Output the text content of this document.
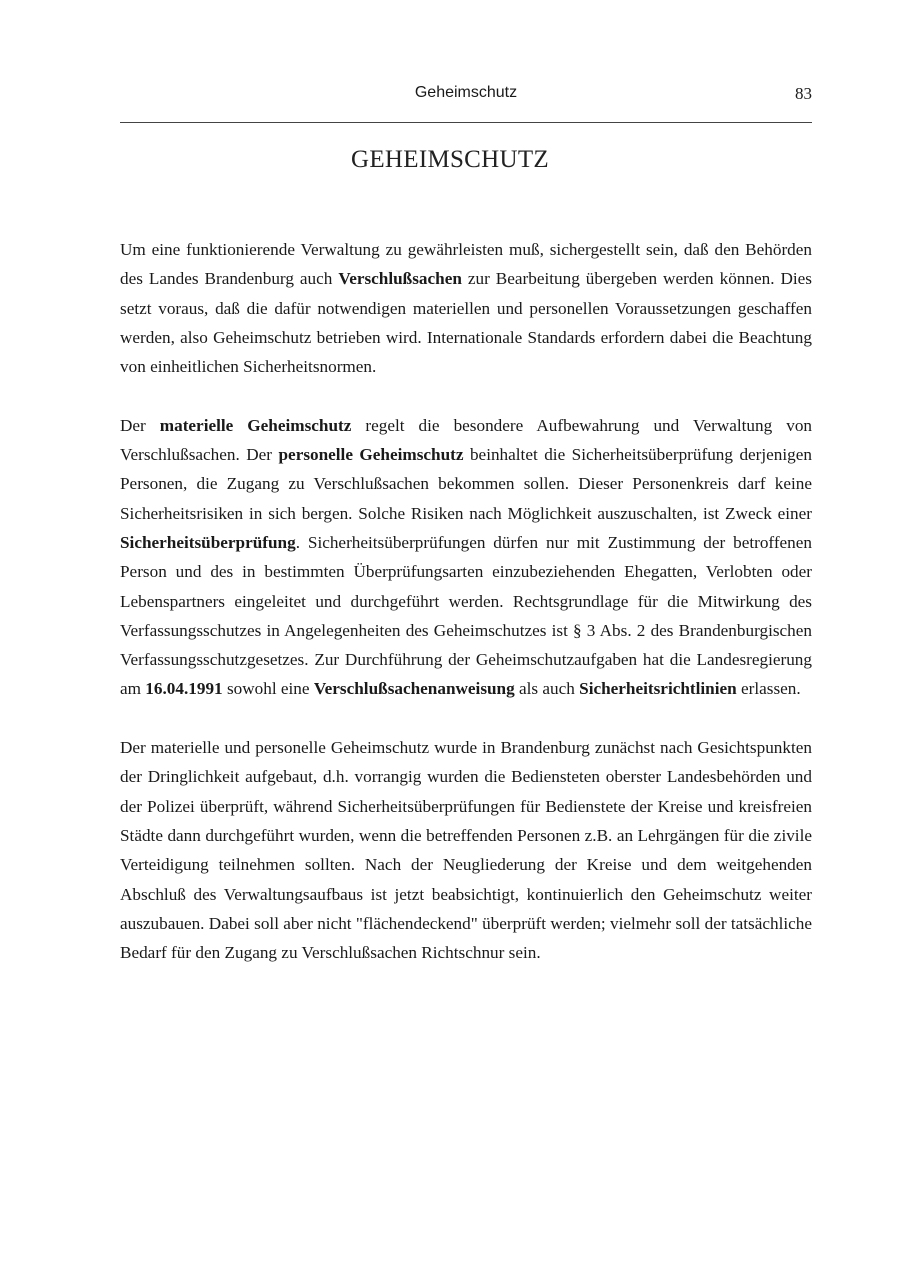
Geheimschutz	83
GEHEIMSCHUTZ

Um eine funktionierende Verwaltung zu gewährleisten muß, sichergestellt sein, daß den Behörden des Landes Brandenburg auch Verschlußsachen zur Bearbeitung übergeben werden können. Dies setzt voraus, daß die dafür notwendigen materiellen und personellen Voraussetzungen geschaffen werden, also Geheimschutz betrieben wird. Internationale Standards erfordern dabei die Beachtung von einheitlichen Sicherheitsnormen.

Der materielle Geheimschutz regelt die besondere Aufbewahrung und Verwaltung von Verschlußsachen. Der personelle Geheimschutz beinhaltet die Sicherheitsüberprüfung derjenigen Personen, die Zugang zu Verschlußsachen bekommen sollen. Dieser Personenkreis darf keine Sicherheitsrisiken in sich bergen. Solche Risiken nach Möglichkeit auszuschalten, ist Zweck einer Sicherheitsüberprüfung. Sicherheitsüberprüfungen dürfen nur mit Zustimmung der betroffenen Person und des in bestimmten Überprüfungsarten einzubeziehenden Ehegatten, Verlobten oder Lebenspartners eingeleitet und durchgeführt werden. Rechtsgrundlage für die Mitwirkung des Verfassungsschutzes in Angelegenheiten des Geheimschutzes ist § 3 Abs. 2 des Brandenburgischen Verfassungsschutzgesetzes. Zur Durchführung der Geheimschutzaufgaben hat die Landesregierung am 16.04.1991 sowohl eine Verschlußsachenanweisung als auch Sicherheitsrichtlinien erlassen.

Der materielle und personelle Geheimschutz wurde in Brandenburg zunächst nach Gesichtspunkten der Dringlichkeit aufgebaut, d.h. vorrangig wurden die Bediensteten oberster Landesbehörden und der Polizei überprüft, während Sicherheitsüberprüfungen für Bedienstete der Kreise und kreisfreien Städte dann durchgeführt wurden, wenn die betreffenden Personen z.B. an Lehrgängen für die zivile Verteidigung teilnehmen sollten. Nach der Neugliederung der Kreise und dem weitgehenden Abschluß des Verwaltungsaufbaus ist jetzt beabsichtigt, kontinuierlich den Geheimschutz weiter auszubauen. Dabei soll aber nicht "flächendeckend" überprüft werden; vielmehr soll der tatsächliche Bedarf für den Zugang zu Verschlußsachen Richtschnur sein.
